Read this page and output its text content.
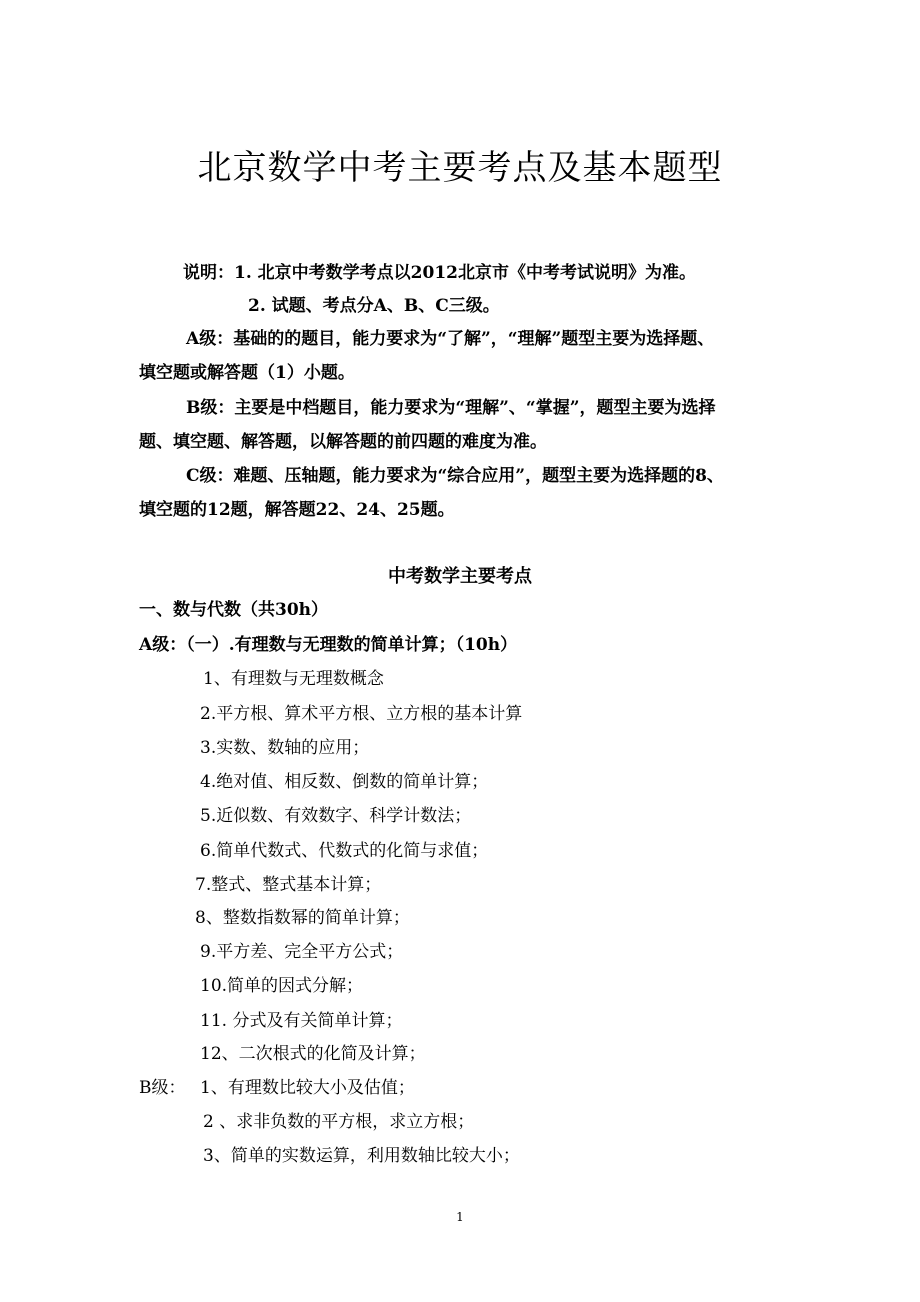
北京数学中考主要考点及基本题型
说明：1. 北京中考数学考点以2012北京市《中考考试说明》为准。
2. 试题、考点分A、B、C三级。
A级：基础的的题目，能力要求为“了解”，“理解”题型主要为选择题、
填空题或解答题（1）小题。
B级：主要是中档题目，能力要求为“理解”、“掌握”，题型主要为选择
题、填空题、解答题，以解答题的前四题的难度为准。
C级：难题、压轴题，能力要求为“综合应用”，题型主要为选择题的8、
填空题的12题，解答题22、24、25题。
中考数学主要考点
一、数与代数（共30h）
A级：（一）.有理数与无理数的简单计算；（10h）
1、有理数与无理数概念
2.平方根、算术平方根、立方根的基本计算
3.实数、数轴的应用；
4.绝对值、相反数、倒数的简单计算；
5.近似数、有效数字、科学计数法；
6.简单代数式、代数式的化简与求值；
7.整式、整式基本计算；
8、整数指数幂的简单计算；
9.平方差、完全平方公式；
10.简单的因式分解；
11. 分式及有关简单计算；
12、二次根式的化简及计算；
B级： 1、有理数比较大小及估值；
2 、求非负数的平方根，求立方根；
3、简单的实数运算，利用数轴比较大小；
1
